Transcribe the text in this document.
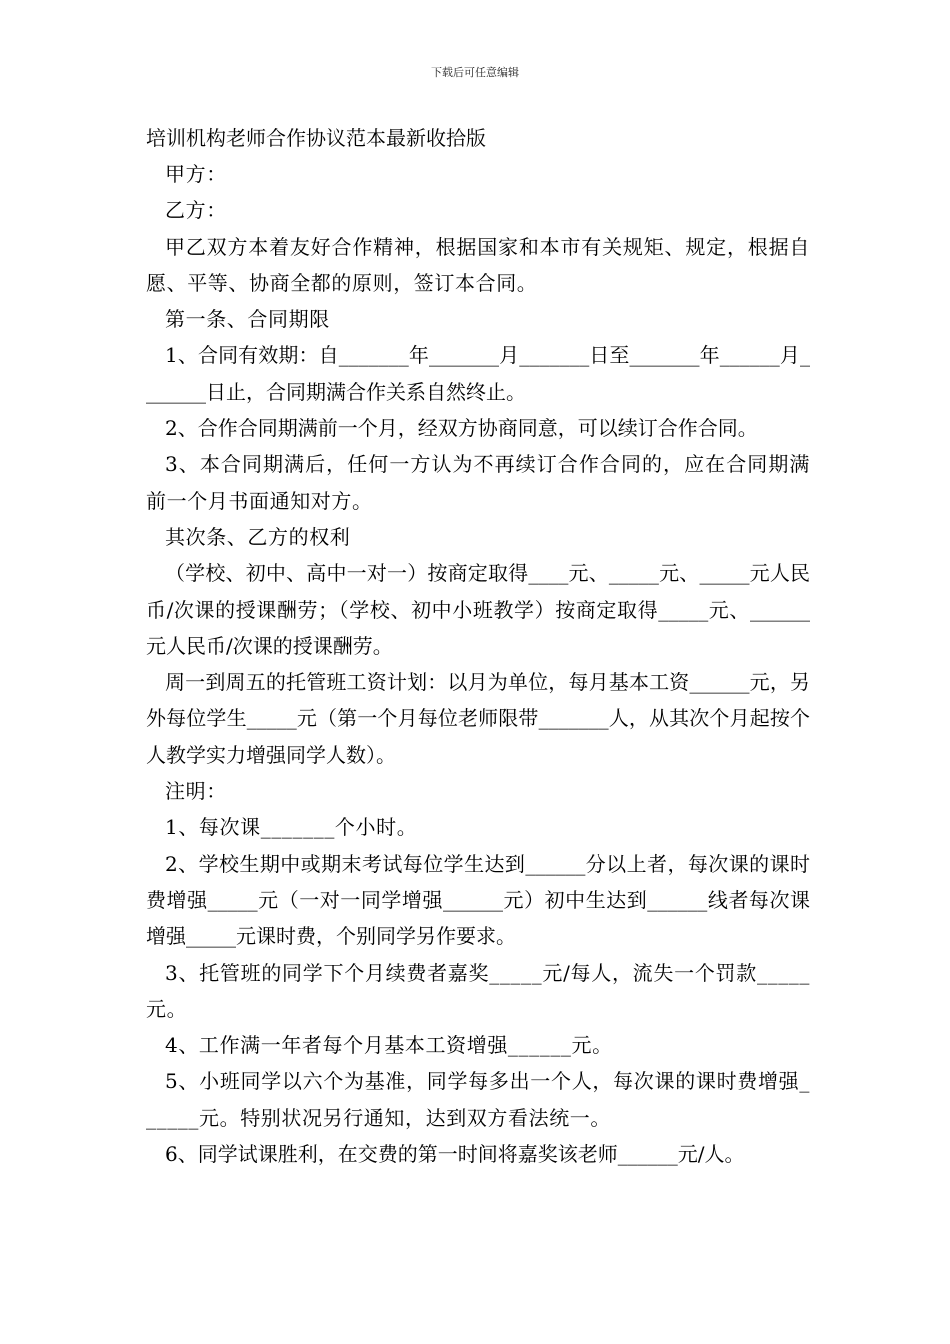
下载后可任意编辑
培训机构老师合作协议范本最新收拾版

甲方：

乙方：

甲乙双方本着友好合作精神，根据国家和本市有关规矩、规定，根据自愿、平等、协商全都的原则，签订本合同。

第一条、合同期限

1、合同有效期：自_______年_______月_______日至_______年______月_______日止，合同期满合作关系自然终止。

2、合作合同期满前一个月，经双方协商同意，可以续订合作合同。

3、本合同期满后，任何一方认为不再续订合作合同的，应在合同期满前一个月书面通知对方。

其次条、乙方的权利

（学校、初中、高中一对一）按商定取得____元、_____元、_____元人民币/次课的授课酬劳；（学校、初中小班教学）按商定取得_____元、______元人民币/次课的授课酬劳。

周一到周五的托管班工资计划：以月为单位，每月基本工资______元，另外每位学生_____元（第一个月每位老师限带_______人，从其次个月起按个人教学实力增强同学人数）。

注明：

1、每次课_______个小时。

2、学校生期中或期末考试每位学生达到______分以上者，每次课的课时费增强_____元（一对一同学增强______元）初中生达到______线者每次课增强_____元课时费，个别同学另作要求。

3、托管班的同学下个月续费者嘉奖_____元/每人，流失一个罚款_____元。

4、工作满一年者每个月基本工资增强______元。

5、小班同学以六个为基准，同学每多出一个人，每次课的课时费增强______元。特别状况另行通知，达到双方看法统一。

6、同学试课胜利，在交费的第一时间将嘉奖该老师______元/人。
